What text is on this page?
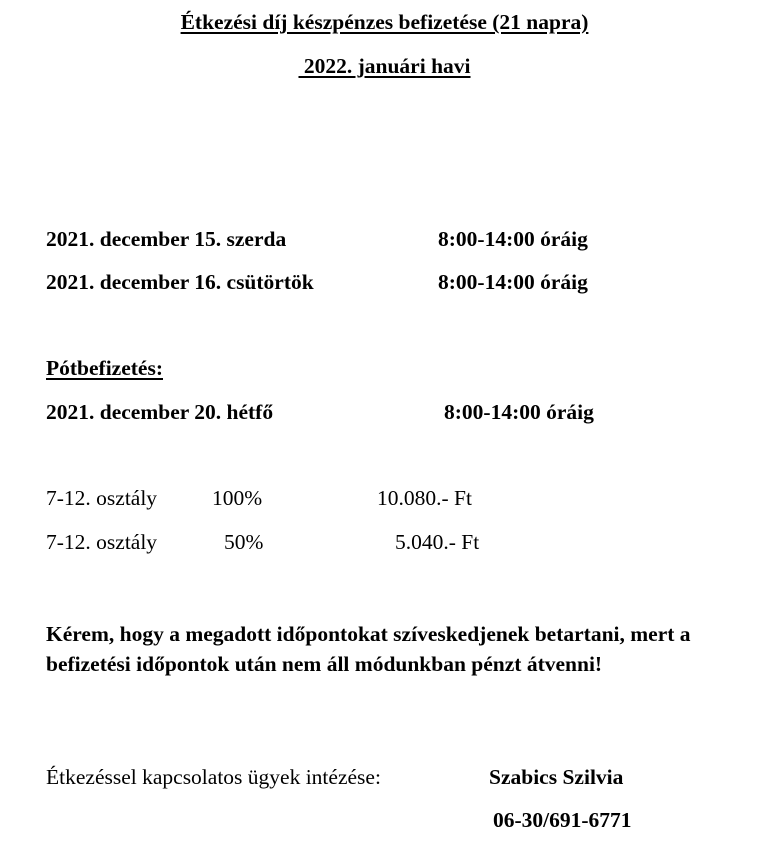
Étkezési díj készpénzes befizetése (21 napra)
2022. januári havi
2021. december 15. szerda	8:00-14:00 óráig
2021. december 16. csütörtök	8:00-14:00 óráig
Pótbefizetés:
2021. december 20. hétfő	8:00-14:00 óráig
7-12. osztály	100%	10.080.- Ft
7-12. osztály	50%	5.040.- Ft
Kérem, hogy a megadott időpontokat szíveskedjenek betartani, mert a befizetési időpontok után nem áll módunkban pénzt átvenni!
Étkezéssel kapcsolatos ügyek intézése:	Szabics Szilvia
06-30/691-6771
